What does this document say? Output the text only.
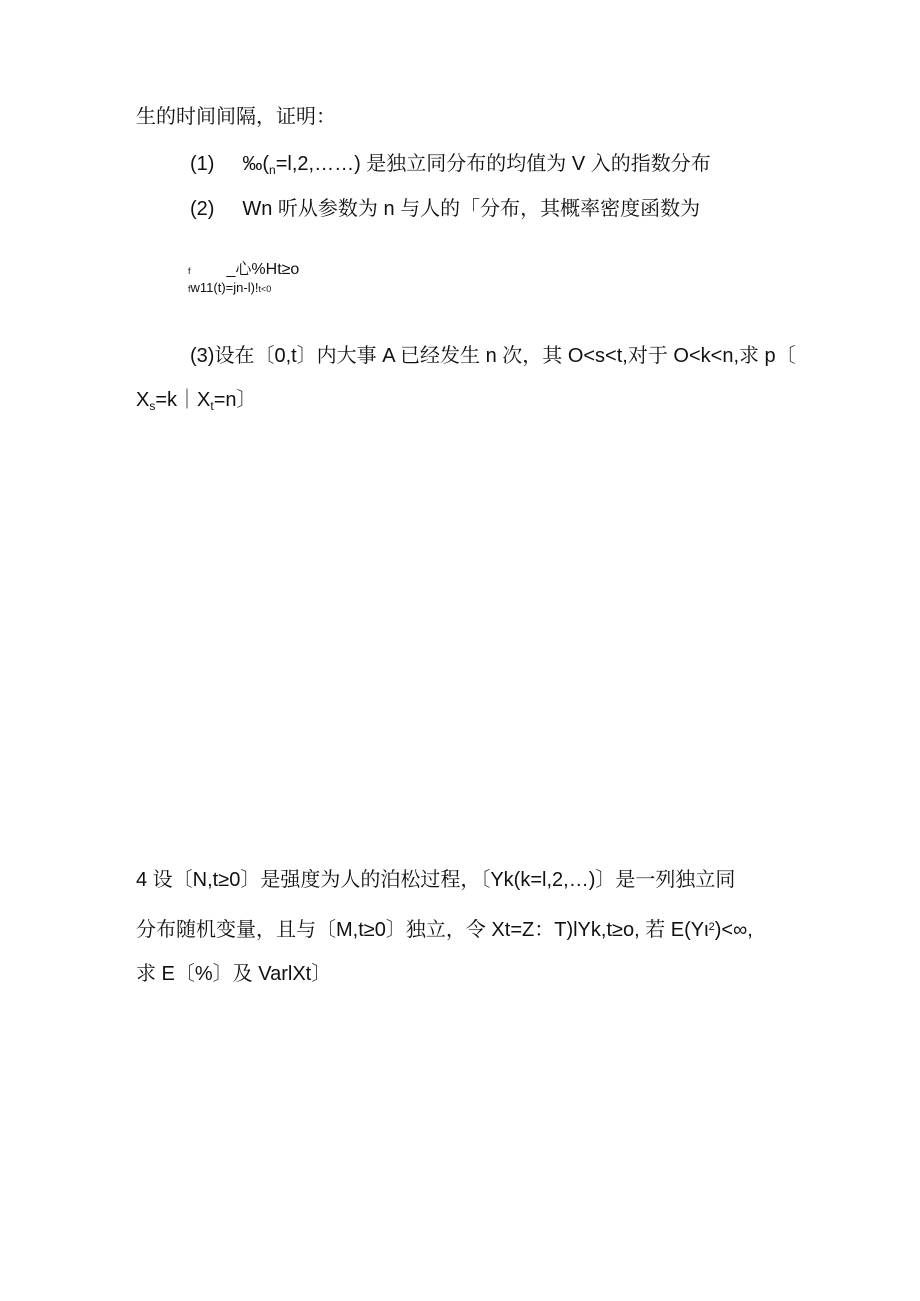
生的时间间隔，证明：
(1) $‰(_n=l,2,\dots\dots)$ 是独立同分布的均值为 V 入的指数分布
(2) Wn 听从参数为 n 与人的「分布，其概率密度函数为
f _心%Ht≥o
fw11(t)=jn-l)!t<0
(3)设在〔0,t〕内大事 A 已经发生 n 次，其 O<s<t,对于 O<k<n,求 p〔
$X_s=k|X_t=n$〕
4 设〔N,t≥0〕是强度为人的泊松过程，〔Yk(k=l,2,…)〕是一列独立同
分布随机变量，且与〔M,t≥0〕独立，令 Xt=Z：T)lYk,t≥o, 若 $E(Y\iota^2)<\infty$,
求 E〔%〕及 VarlXt〕
